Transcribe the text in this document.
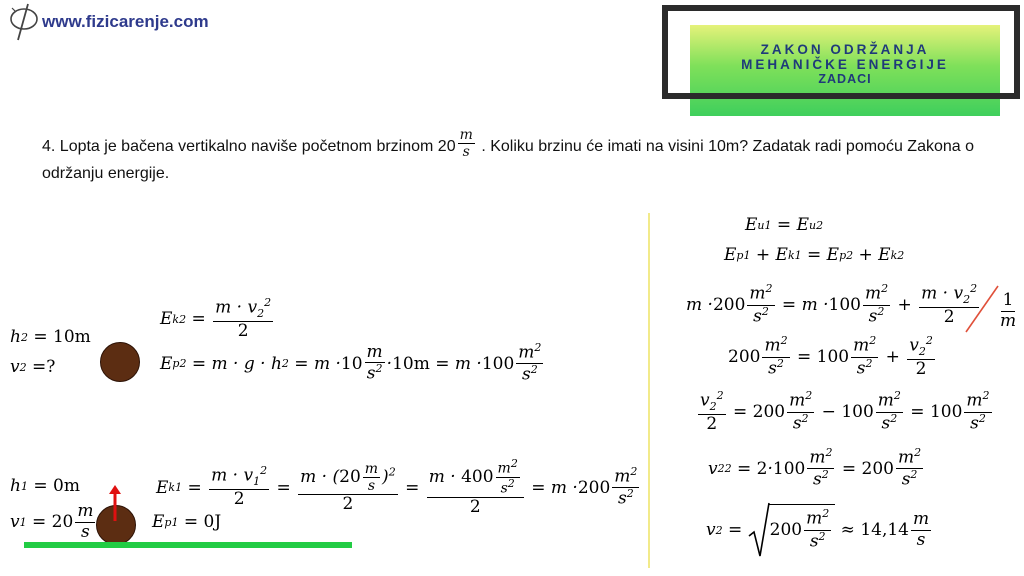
www.fizicarenje.com
ZAKON ODRŽANJA
MEHANIČKE ENERGIJE
ZADACI
4. Lopta je bačena vertikalno naviše početnom brzinom $20 \frac{m}{s}$ . Koliku brzinu će imati na visini 10m? Zadatak radi pomoću Zakona o održanju energije.
h 2 = 10m
v 2
=?
E $k2 = \frac{m \cdot v_2^2}{2}$
E p2 = m · g · h $2 = m \cdot 10 \frac{m}{s^2} \cdot 10m = m \cdot 100 \frac{m^2}{s^2}$
h 1 = 0m
v $1 = 20 \frac{m}{s}$
E $k1 = \frac{m \cdot v_1^2}{2} = \frac{m \cdot (20 \frac{m}{s} )^2}{2} = \frac{m \cdot 400 \frac{m^2}{s^2}}{2} = m \cdot 200 \frac{m^2}{s^2}$
E p1 = 0J
E u1 = E u2
E p1 + E k1 = E p2 + E k2
$m \cdot 200 \frac{m^2}{s^2} = m \cdot 100 \frac{m^2}{s^2} + \frac{m \cdot v_2^2}{2} \frac{1}{m}$
$200 \frac{m^2}{s^2} = 100 \frac{m^2}{s^2} + \frac{v_2^2}{2}$
$\frac{v_2^2}{2} = 200 \frac{m^2}{s^2} - 100 \frac{m^2}{s^2} = 100 \frac{m^2}{s^2}$
v 2 $2 = 2 \cdot 100 \frac{m^2}{s^2} = 200 \frac{m^2}{s^2}$
v $2 = 200 \frac{m^2}{s^2} \approx 14,14 \frac{m}{s}$
